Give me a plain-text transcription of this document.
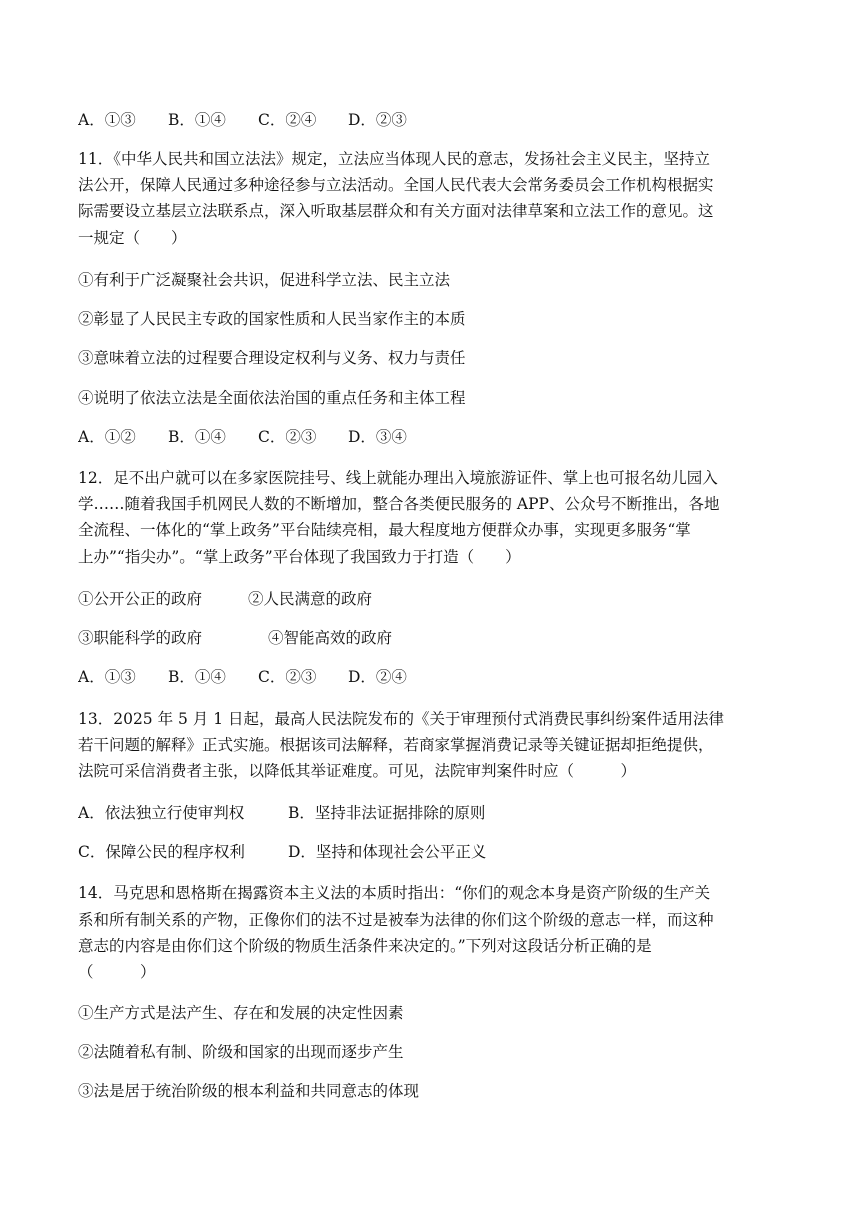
A．①③ B．①④ C．②④ D．②③
11．《中华人民共和国立法法》规定，立法应当体现人民的意志，发扬社会主义民主，坚持立
法公开，保障人民通过多种途径参与立法活动。全国人民代表大会常务委员会工作机构根据实
际需要设立基层立法联系点，深入听取基层群众和有关方面对法律草案和立法工作的意见。这
一规定（　　）
①有利于广泛凝聚社会共识，促进科学立法、民主立法
②彰显了人民民主专政的国家性质和人民当家作主的本质
③意味着立法的过程要合理设定权利与义务、权力与责任
④说明了依法立法是全面依法治国的重点任务和主体工程
A．①② B．①④ C．②③ D．③④
12．足不出户就可以在多家医院挂号、线上就能办理出入境旅游证件、掌上也可报名幼儿园入
学……随着我国手机网民人数的不断增加，整合各类便民服务的 APP、公众号不断推出，各地
全流程、一体化的“掌上政务”平台陆续亮相，最大程度地方便群众办事，实现更多服务“掌
上办”“指尖办”。“掌上政务”平台体现了我国致力于打造（　　）
①公开公正的政府	②人民满意的政府
③职能科学的政府	④智能高效的政府
A．①③ B．①④ C．②③ D．②④
13．2025 年 5 月 1 日起，最高人民法院发布的《关于审理预付式消费民事纠纷案件适用法律
若干问题的解释》正式实施。根据该司法解释，若商家掌握消费记录等关键证据却拒绝提供，
法院可采信消费者主张，以降低其举证难度。可见，法院审判案件时应（　　　）
A．依法独立行使审判权	B．坚持非法证据排除的原则
C．保障公民的程序权利	D．坚持和体现社会公平正义
14．马克思和恩格斯在揭露资本主义法的本质时指出：“你们的观念本身是资产阶级的生产关
系和所有制关系的产物，正像你们的法不过是被奉为法律的你们这个阶级的意志一样，而这种
意志的内容是由你们这个阶级的物质生活条件来决定的。”下列对这段话分析正确的是
（　　　）
①生产方式是法产生、存在和发展的决定性因素
②法随着私有制、阶级和国家的出现而逐步产生
③法是居于统治阶级的根本利益和共同意志的体现
